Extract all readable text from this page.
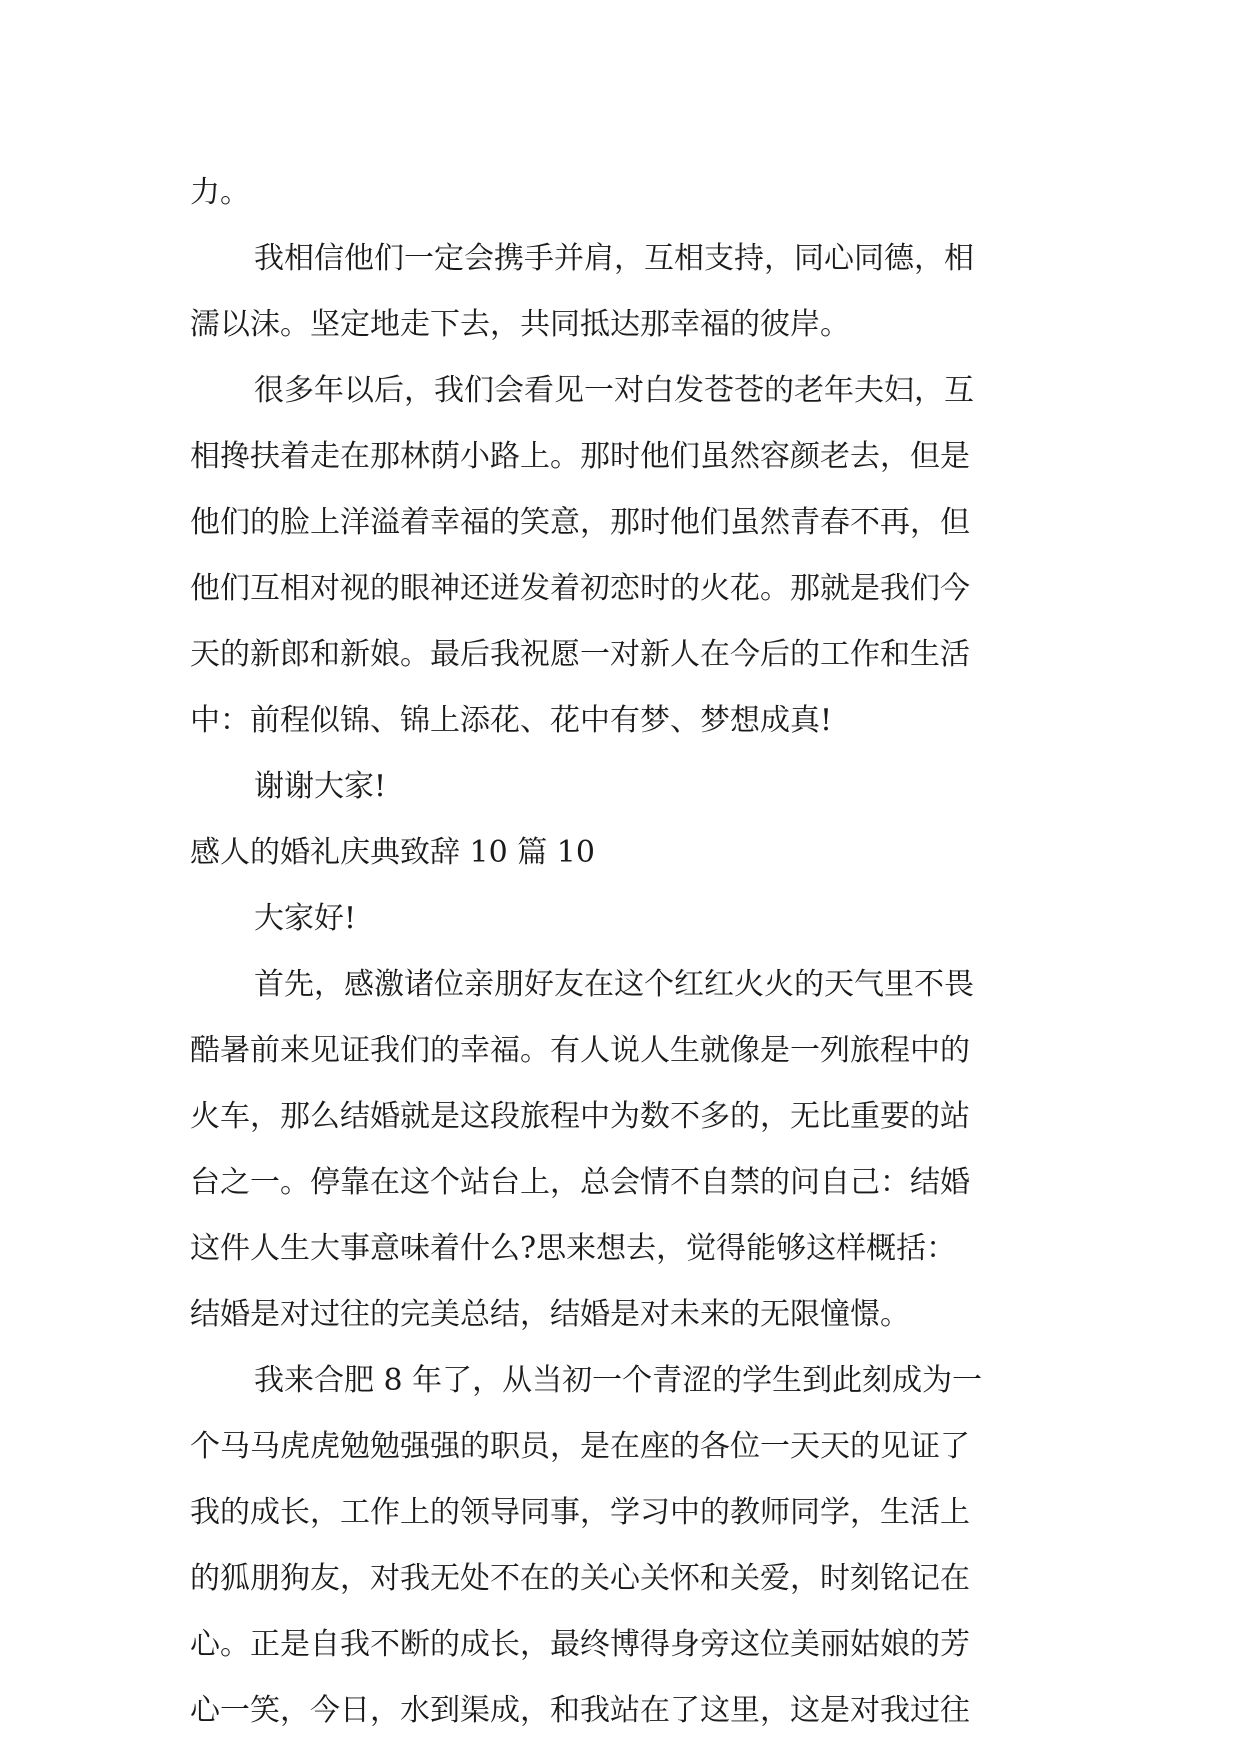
力。
我相信他们一定会携手并肩，互相支持，同心同德，相
濡以沫。坚定地走下去，共同抵达那幸福的彼岸。
很多年以后，我们会看见一对白发苍苍的老年夫妇，互
相搀扶着走在那林荫小路上。那时他们虽然容颜老去，但是
他们的脸上洋溢着幸福的笑意，那时他们虽然青春不再，但
他们互相对视的眼神还迸发着初恋时的火花。那就是我们今
天的新郎和新娘。最后我祝愿一对新人在今后的工作和生活
中：前程似锦、锦上添花、花中有梦、梦想成真!
谢谢大家!
感人的婚礼庆典致辞 10 篇 10
大家好!
首先，感激诸位亲朋好友在这个红红火火的天气里不畏
酷暑前来见证我们的幸福。有人说人生就像是一列旅程中的
火车，那么结婚就是这段旅程中为数不多的，无比重要的站
台之一。停靠在这个站台上，总会情不自禁的问自己：结婚
这件人生大事意味着什么?思来想去，觉得能够这样概括：
结婚是对过往的完美总结，结婚是对未来的无限憧憬。
我来合肥 8 年了，从当初一个青涩的学生到此刻成为一
个马马虎虎勉勉强强的职员，是在座的各位一天天的见证了
我的成长，工作上的领导同事，学习中的教师同学，生活上
的狐朋狗友，对我无处不在的关心关怀和关爱，时刻铭记在
心。正是自我不断的成长，最终博得身旁这位美丽姑娘的芳
心一笑，今日，水到渠成，和我站在了这里，这是对我过往
